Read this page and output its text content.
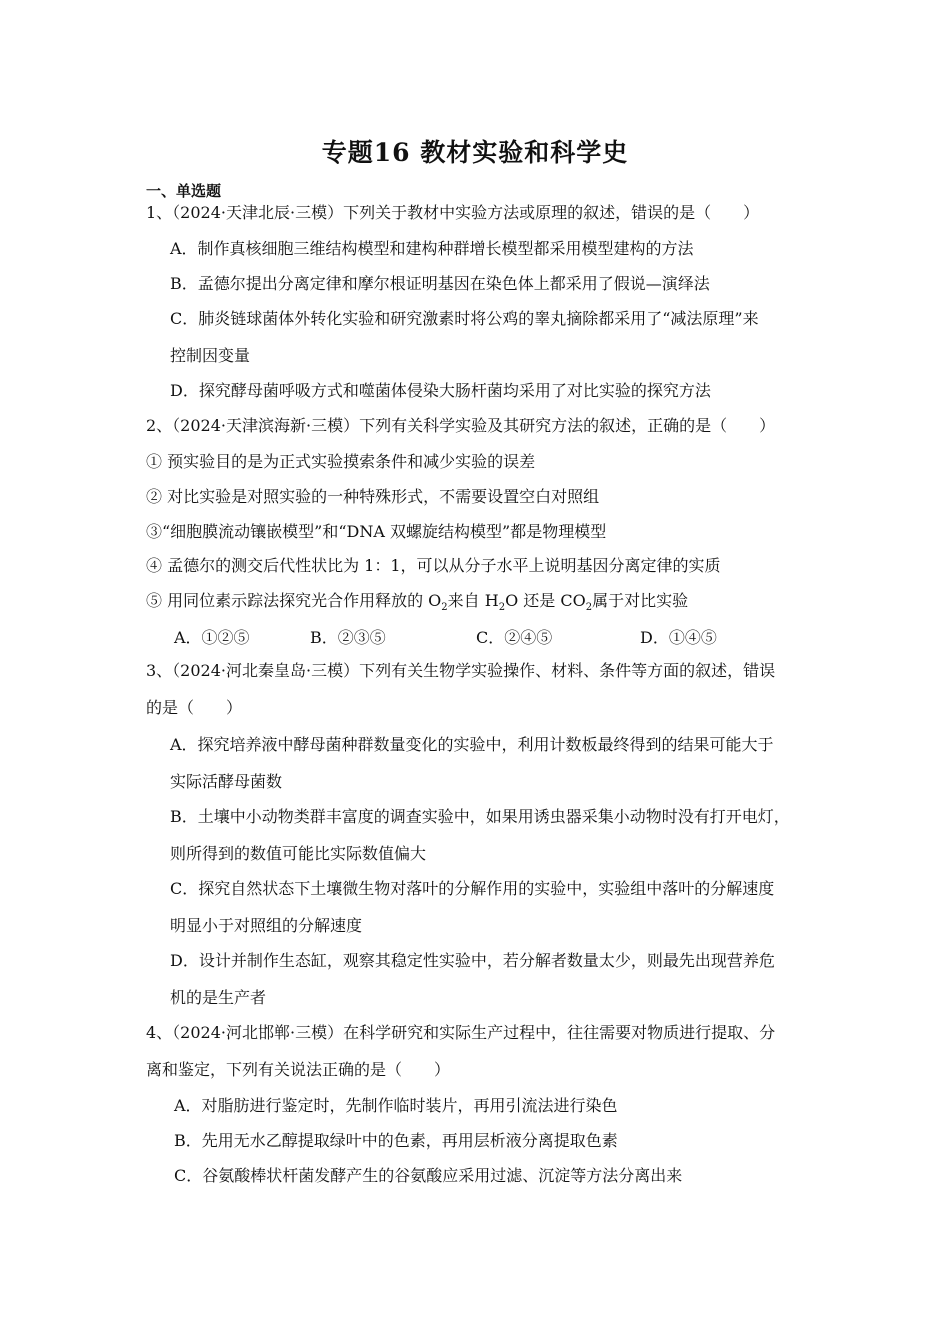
专题16 教材实验和科学史
一、单选题
1、（2024·天津北辰·三模）下列关于教材中实验方法或原理的叙述，错误的是（　　）
A．制作真核细胞三维结构模型和建构种群增长模型都采用模型建构的方法
B．孟德尔提出分离定律和摩尔根证明基因在染色体上都采用了假说—演绎法
C．肺炎链球菌体外转化实验和研究激素时将公鸡的睾丸摘除都采用了“减法原理”来
控制因变量
D．探究酵母菌呼吸方式和噬菌体侵染大肠杆菌均采用了对比实验的探究方法
2、（2024·天津滨海新·三模）下列有关科学实验及其研究方法的叙述，正确的是（　　）
① 预实验目的是为正式实验摸索条件和减少实验的误差
② 对比实验是对照实验的一种特殊形式，不需要设置空白对照组
③“细胞膜流动镶嵌模型”和“DNA 双螺旋结构模型”都是物理模型
④ 孟德尔的测交后代性状比为 1：1，可以从分子水平上说明基因分离定律的实质
⑤ 用同位素示踪法探究光合作用释放的 $O_2$来自 $H_2O$ 还是 $CO_2$属于对比实验
A．①②⑤	B．②③⑤	C．②④⑤	D．①④⑤
3、（2024·河北秦皇岛·三模）下列有关生物学实验操作、材料、条件等方面的叙述，错误
的是（　　）
A．探究培养液中酵母菌种群数量变化的实验中，利用计数板最终得到的结果可能大于
实际活酵母菌数
B．土壤中小动物类群丰富度的调查实验中，如果用诱虫器采集小动物时没有打开电灯，
则所得到的数值可能比实际数值偏大
C．探究自然状态下土壤微生物对落叶的分解作用的实验中，实验组中落叶的分解速度
明显小于对照组的分解速度
D．设计并制作生态缸，观察其稳定性实验中，若分解者数量太少，则最先出现营养危
机的是生产者
4、（2024·河北邯郸·三模）在科学研究和实际生产过程中，往往需要对物质进行提取、分
离和鉴定，下列有关说法正确的是（　　）
A．对脂肪进行鉴定时，先制作临时装片，再用引流法进行染色
B．先用无水乙醇提取绿叶中的色素，再用层析液分离提取色素
C．谷氨酸棒状杆菌发酵产生的谷氨酸应采用过滤、沉淀等方法分离出来
